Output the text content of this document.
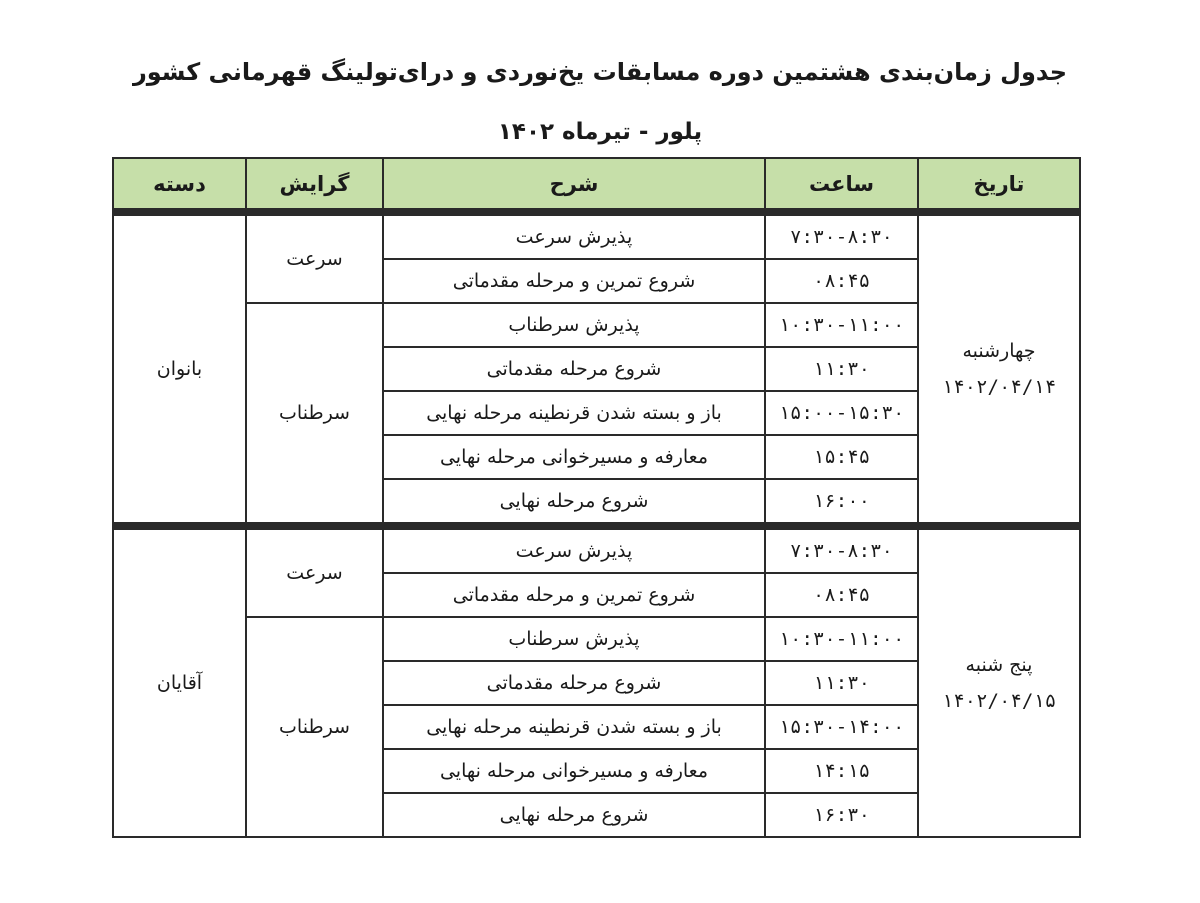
جدول زمان‌بندی هشتمین دوره مسابقات یخ‌نوردی و درای‌تولینگ قهرمانی کشور
پلور - تیرماه ۱۴۰۲
دسته	گرایش	شرح	ساعت	تاریخ
بانوان	سرعت	پذیرش سرعت	۷:۳۰-۸:۳۰	چهارشنبه
۱۴۰۲/۰۴/۱۴

		شروع تمرین و مرحله مقدماتی	۰۸:۴۵	
	سرطناب	پذیرش سرطناب	۱۰:۳۰-۱۱:۰۰	
		شروع مرحله مقدماتی	۱۱:۳۰	
		باز و بسته شدن قرنطینه مرحله نهایی	۱۵:۰۰-۱۵:۳۰	
		معارفه و مسیرخوانی مرحله نهایی	۱۵:۴۵	
		شروع مرحله نهایی	۱۶:۰۰	
آقایان	سرعت	پذیرش سرعت	۷:۳۰-۸:۳۰	پنج شنبه
۱۴۰۲/۰۴/۱۵

		شروع تمرین و مرحله مقدماتی	۰۸:۴۵	
	سرطناب	پذیرش سرطناب	۱۰:۳۰-۱۱:۰۰	
		شروع مرحله مقدماتی	۱۱:۳۰	
		باز و بسته شدن قرنطینه مرحله نهایی	۱۵:۳۰-۱۴:۰۰	
		معارفه و مسیرخوانی مرحله نهایی	۱۴:۱۵	
		شروع مرحله نهایی	۱۶:۳۰	
